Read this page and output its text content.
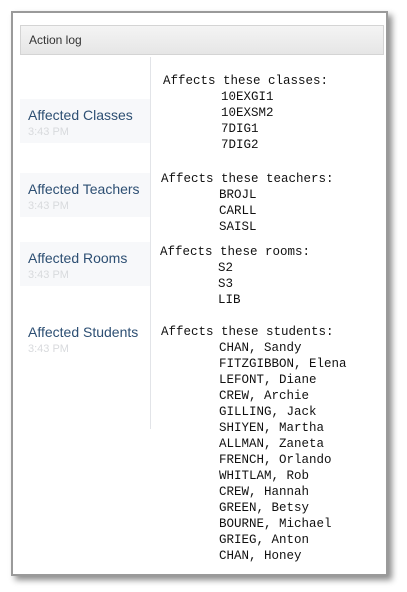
Action log
Affected Classes
3:43 PM
Affected Teachers
3:43 PM
Affected Rooms
3:43 PM
Affected Students
3:43 PM
Affects these classes:
10EXGI1
10EXSM2
7DIG1
7DIG2
Affects these teachers:
BROJL
CARLL
SAISL
Affects these rooms:
S2
S3
LIB
Affects these students:
CHAN, Sandy
FITZGIBBON, Elena
LEFONT, Diane
CREW, Archie
GILLING, Jack
SHIYEN, Martha
ALLMAN, Zaneta
FRENCH, Orlando
WHITLAM, Rob
CREW, Hannah
GREEN, Betsy
BOURNE, Michael
GRIEG, Anton
CHAN, Honey
